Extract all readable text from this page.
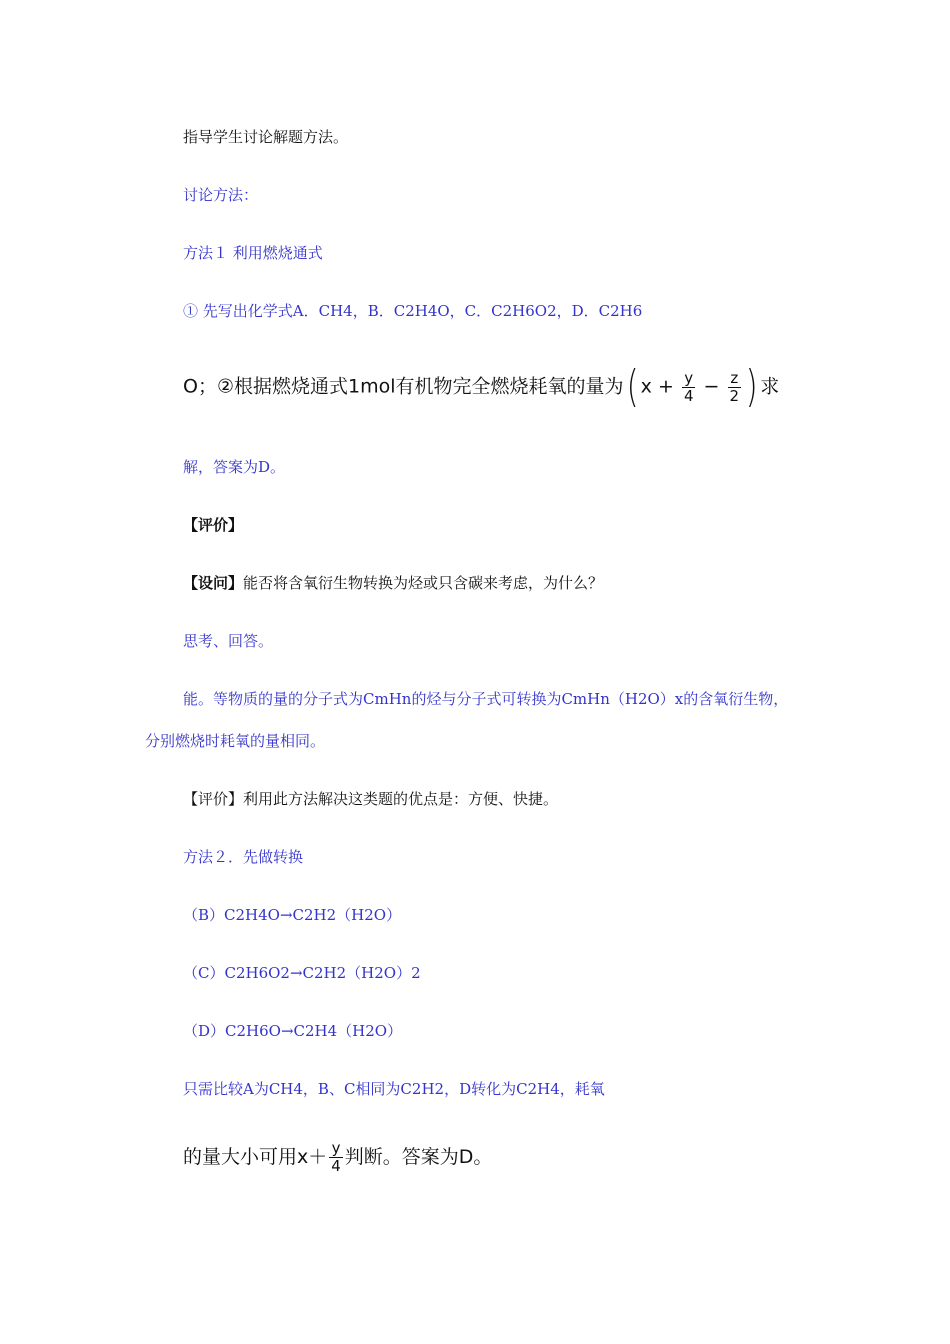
指导学生讨论解题方法。
讨论方法：
方法１ 利用燃烧通式
① 先写出化学式A．CH4，B．C2H4O，C．C2H6O2，D．C2H6
O；②根据燃烧通式1mol有机物完全燃烧耗氧的量为( $x + \frac{y}{4} - \frac{z}{2}$ ) 求
解，答案为D。
【评价】
【设问】能否将含氧衍生物转换为烃或只含碳来考虑，为什么？
思考、回答。
能。等物质的量的分子式为CmHn的烃与分子式可转换为CmHn（H2O）x的含氧衍生物，
分别燃烧时耗氧的量相同。
【评价】利用此方法解决这类题的优点是：方便、快捷。
方法２．先做转换
（B）C2H4O→C2H2（H2O）
（C）C2H6O2→C2H2（H2O）2
（D）C2H6O→C2H4（H2O）
只需比较A为CH4，B、C相同为C2H2，D转化为C2H4，耗氧
的量大小可用$x+ \frac{y}{4}$ 判断。答案为D。
